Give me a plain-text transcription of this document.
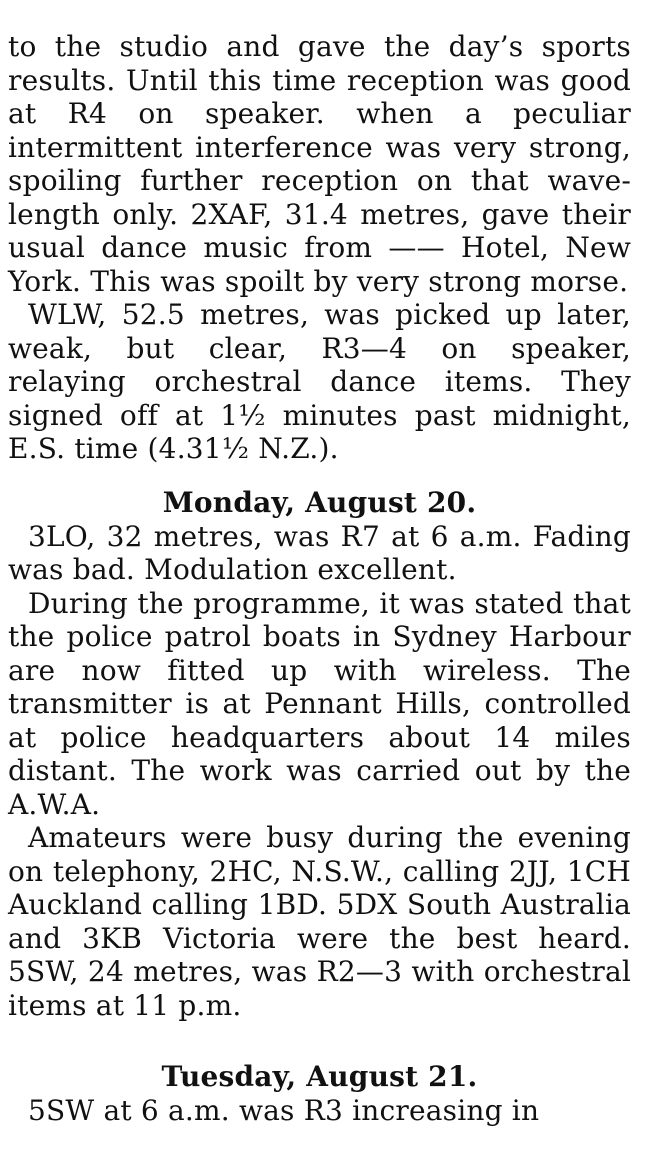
to the studio and gave the day’s sports results. Until this time reception was good at R4 on speaker. when a peculiar intermittent interference was very strong, spoiling further reception on that wave-length only. 2XAF, 31.4 metres, gave their usual dance music from —— Hotel, New York. This was spoilt by very strong morse.

WLW, 52.5 metres, was picked up later, weak, but clear, R3—4 on speaker, relaying orchestral dance items. They signed off at 1½ minutes past midnight, E.S. time (4.31½ N.Z.).

Monday, August 20.

3LO, 32 metres, was R7 at 6 a.m. Fading was bad. Modulation excellent.

During the programme, it was stated that the police patrol boats in Sydney Harbour are now fitted up with wireless. The transmitter is at Pennant Hills, controlled at police headquarters about 14 miles distant. The work was carried out by the A.W.A.

Amateurs were busy during the evening on telephony, 2HC, N.S.W., calling 2JJ, 1CH Auckland calling 1BD. 5DX South Australia and 3KB Victoria were the best heard. 5SW, 24 metres, was R2—3 with orchestral items at 11 p.m.

Tuesday, August 21.

5SW at 6 a.m. was R3 increasing in
